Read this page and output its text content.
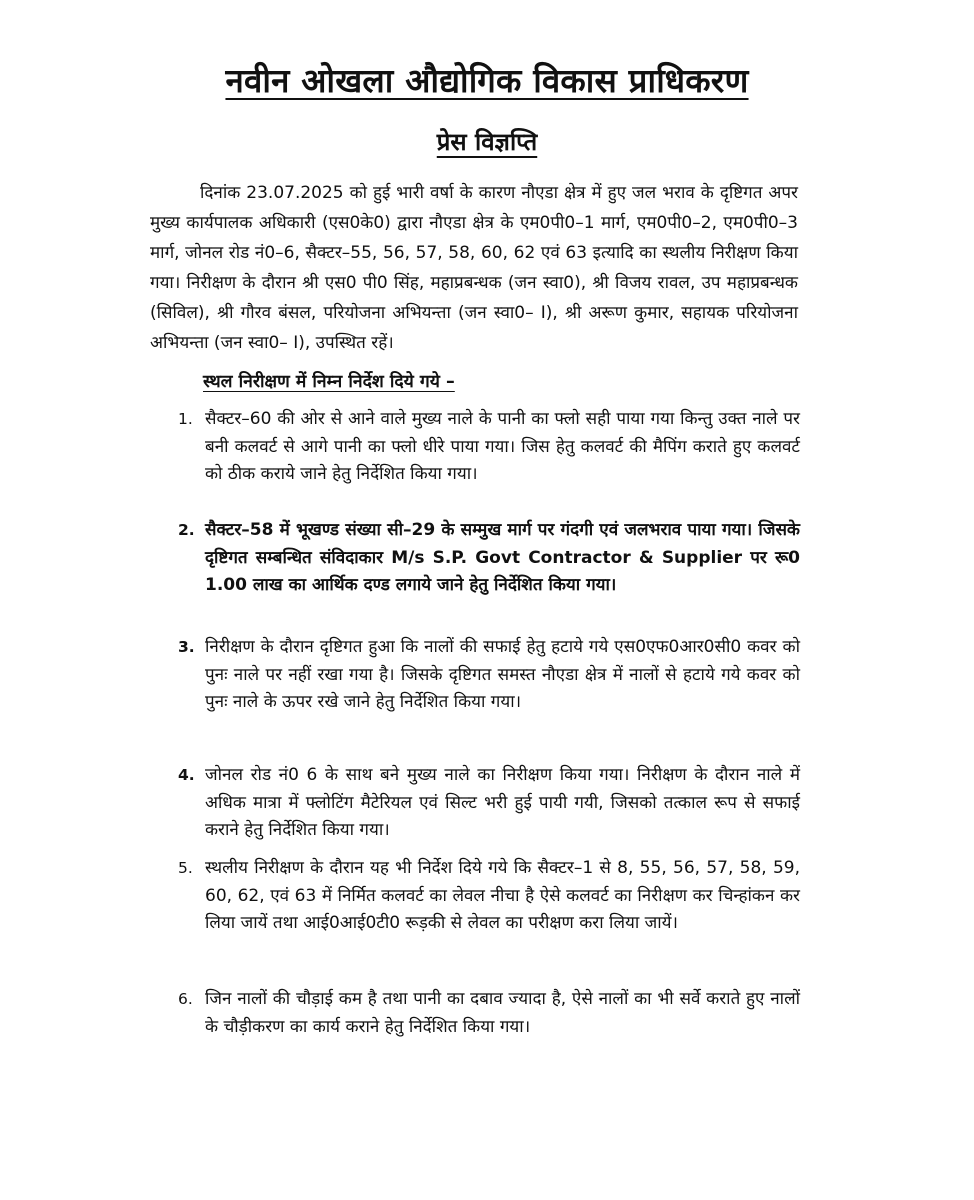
नवीन ओखला औद्योगिक विकास प्राधिकरण
प्रेस विज्ञप्ति

दिनांक 23.07.2025 को हुई भारी वर्षा के कारण नौएडा क्षेत्र में हुए जल भराव के दृष्टिगत अपर मुख्य कार्यपालक अधिकारी (एस0के0) द्वारा नौएडा क्षेत्र के एम0पी0–1 मार्ग, एम0पी0–2, एम0पी0–3 मार्ग, जोनल रोड नं0–6, सैक्टर–55, 56, 57, 58, 60, 62 एवं 63 इत्यादि का स्थलीय निरीक्षण किया गया। निरीक्षण के दौरान श्री एस0 पी0 सिंह, महाप्रबन्धक (जन स्वा0), श्री विजय रावल, उप महाप्रबन्धक (सिविल), श्री गौरव बंसल, परियोजना अभियन्ता (जन स्वा0– I), श्री अरूण कुमार, सहायक परियोजना अभियन्ता (जन स्वा0– I), उपस्थित रहें।

स्थल निरीक्षण में निम्न निर्देश दिये गये –

1. सैक्टर–60 की ओर से आने वाले मुख्य नाले के पानी का फ्लो सही पाया गया किन्तु उक्त नाले पर बनी कलवर्ट से आगे पानी का फ्लो धीरे पाया गया। जिस हेतु कलवर्ट की मैपिंग कराते हुए कलवर्ट को ठीक कराये जाने हेतु निर्देशित किया गया।
2. सैक्टर–58 में भूखण्ड संख्या सी–29 के सम्मुख मार्ग पर गंदगी एवं जलभराव पाया गया। जिसके दृष्टिगत सम्बन्धित संविदाकार M/s S.P. Govt Contractor & Supplier पर रू0 1.00 लाख का आर्थिक दण्ड लगाये जाने हेतु निर्देशित किया गया।
3. निरीक्षण के दौरान दृष्टिगत हुआ कि नालों की सफाई हेतु हटाये गये एस0एफ0आर0सी0 कवर को पुनः नाले पर नहीं रखा गया है। जिसके दृष्टिगत समस्त नौएडा क्षेत्र में नालों से हटाये गये कवर को पुनः नाले के ऊपर रखे जाने हेतु निर्देशित किया गया।
4. जोनल रोड नं0 6 के साथ बने मुख्य नाले का निरीक्षण किया गया। निरीक्षण के दौरान नाले में अधिक मात्रा में फ्लोटिंग मैटेरियल एवं सिल्ट भरी हुई पायी गयी, जिसको तत्काल रूप से सफाई कराने हेतु निर्देशित किया गया।
5. स्थलीय निरीक्षण के दौरान यह भी निर्देश दिये गये कि सैक्टर–1 से 8, 55, 56, 57, 58, 59, 60, 62, एवं 63 में निर्मित कलवर्ट का लेवल नीचा है ऐसे कलवर्ट का निरीक्षण कर चिन्हांकन कर लिया जायें तथा आई0आई0टी0 रूड़की से लेवल का परीक्षण करा लिया जायें।
6. जिन नालों की चौड़ाई कम है तथा पानी का दबाव ज्यादा है, ऐसे नालों का भी सर्वे कराते हुए नालों के चौड़ीकरण का कार्य कराने हेतु निर्देशित किया गया।
